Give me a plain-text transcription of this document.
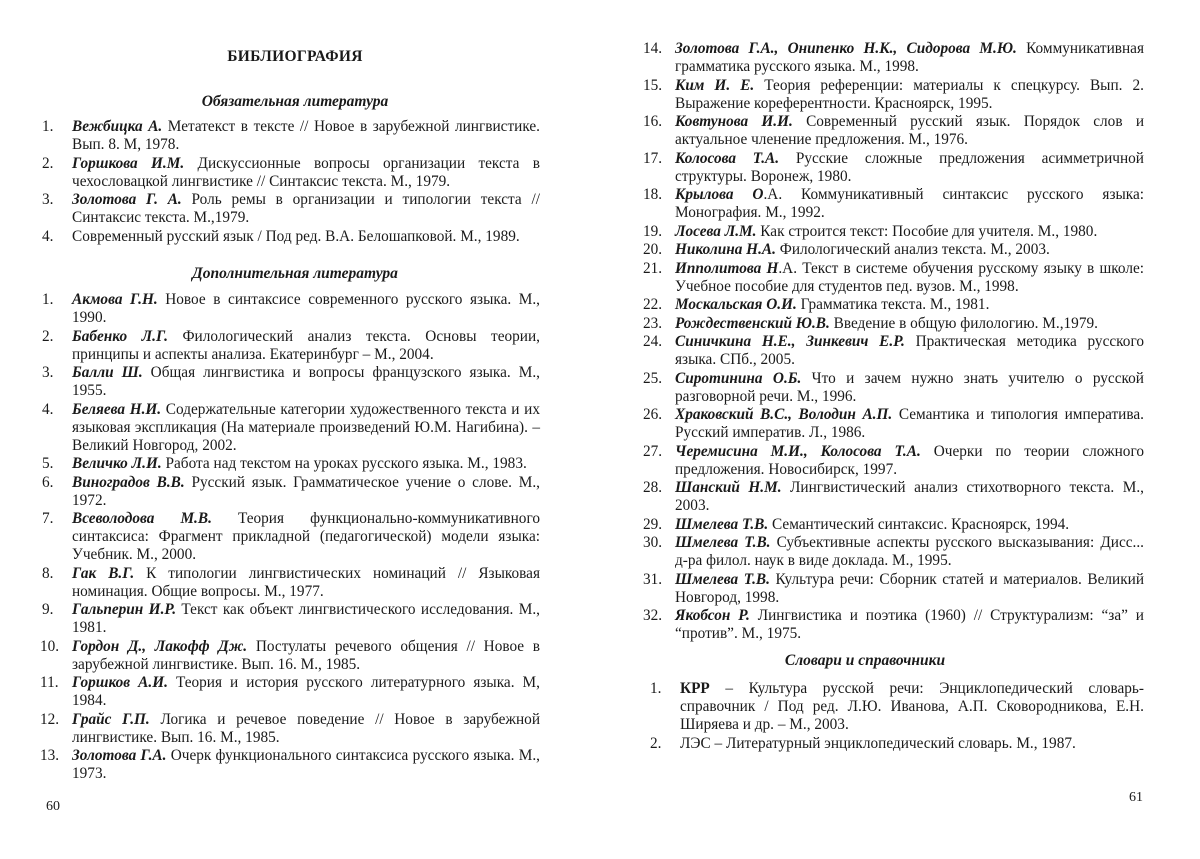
БИБЛИОГРАФИЯ

Обязательная литература

1.	Вежбицка А. Метатекст в тексте // Новое в зарубежной лингвистике. Вып. 8. М, 1978.
2.	Горшкова И.М. Дискуссионные вопросы организации текста в чехословацкой лингвистике // Синтаксис текста. М., 1979.
3.	Золотова Г. А. Роль ремы в организации и типологии текста // Синтаксис текста. М.,1979.
4.	Современный русский язык / Под ред. В.А. Белошапковой. М., 1989.

Дополнительная литература

1.	Акмова Г.Н. Новое в синтаксисе современного русского языка. М., 1990.
2.	Бабенко Л.Г. Филологический анализ текста. Основы теории, принципы и аспекты анализа. Екатеринбург – М., 2004.
3.	Балли Ш. Общая лингвистика и вопросы французского языка. М., 1955.
4.	Беляева Н.И. Содержательные категории художественного текста и их языковая экспликация (На материале произведений Ю.М. Нагибина). – Великий Новгород, 2002.
5.	Величко Л.И. Работа над текстом на уроках русского языка. М., 1983.
6.	Виноградов В.В. Русский язык. Грамматическое учение о слове. М., 1972.
7.	Всеволодова М.В. Теория функционально-коммуникативного синтаксиса: Фрагмент прикладной (педагогической) модели языка: Учебник. М., 2000.
8.	Гак В.Г. К типологии лингвистических номинаций // Языковая номинация. Общие вопросы. М., 1977.
9.	Гальперин И.Р. Текст как объект лингвистического исследования. М., 1981.
10. Гордон Д., Лакофф Дж. Постулаты речевого общения // Новое в зарубежной лингвистике. Вып. 16. М., 1985.
11. Горшков А.И. Теория и история русского литературного языка. М, 1984.
12. Грайс Г.П. Логика и речевое поведение // Новое в зарубежной лингвистике. Вып. 16. М., 1985.
13. Золотова Г.А. Очерк функционального синтаксиса русского языка. М., 1973.
60
14. Золотова Г.А., Онипенко Н.К., Сидорова М.Ю. Коммуникативная грамматика русского языка. М., 1998.
15. Ким И. Е. Теория референции: материалы к спецкурсу. Вып. 2. Выражение кореферентности. Красноярск, 1995.
16. Ковтунова И.И. Современный русский язык. Порядок слов и актуальное членение предложения. М., 1976.
17. Колосова Т.А. Русские сложные предложения асимметричной структуры. Воронеж, 1980.
18. Крылова О.А. Коммуникативный синтаксис русского языка: Монография. М., 1992.
19. Лосева Л.М. Как строится текст: Пособие для учителя. М., 1980.
20. Николина Н.А. Филологический анализ текста. М., 2003.
21. Ипполитова Н.А. Текст в системе обучения русскому языку в школе: Учебное пособие для студентов пед. вузов. М., 1998.
22. Москальская О.И. Грамматика текста. М., 1981.
23. Рождественский Ю.В. Введение в общую филологию. М.,1979.
24. Синичкина Н.Е., Зинкевич Е.Р. Практическая методика русского языка. СПб., 2005.
25. Сиротинина О.Б. Что и зачем нужно знать учителю о русской разговорной речи. М., 1996.
26. Храковский В.С., Володин А.П. Семантика и типология императива. Русский императив. Л., 1986.
27. Черемисина М.И., Колосова Т.А. Очерки по теории сложного предложения. Новосибирск, 1997.
28. Шанский Н.М. Лингвистический анализ стихотворного текста. М., 2003.
29. Шмелева Т.В. Семантический синтаксис. Красноярск, 1994.
30. Шмелева Т.В. Субъективные аспекты русского высказывания: Дисс... д-ра филол. наук в виде доклада. М., 1995.
31. Шмелева Т.В. Культура речи: Сборник статей и материалов. Великий Новгород, 1998.
32. Якобсон Р. Лингвистика и поэтика (1960) // Структурализм: “за” и “против”. М., 1975.

Словари и справочники

1.	КРР – Культура русской речи: Энциклопедический словарь-справочник / Под ред. Л.Ю. Иванова, А.П. Сковородникова, Е.Н. Ширяева и др. – М., 2003.
2.	ЛЭС – Литературный энциклопедический словарь. М., 1987.
61
